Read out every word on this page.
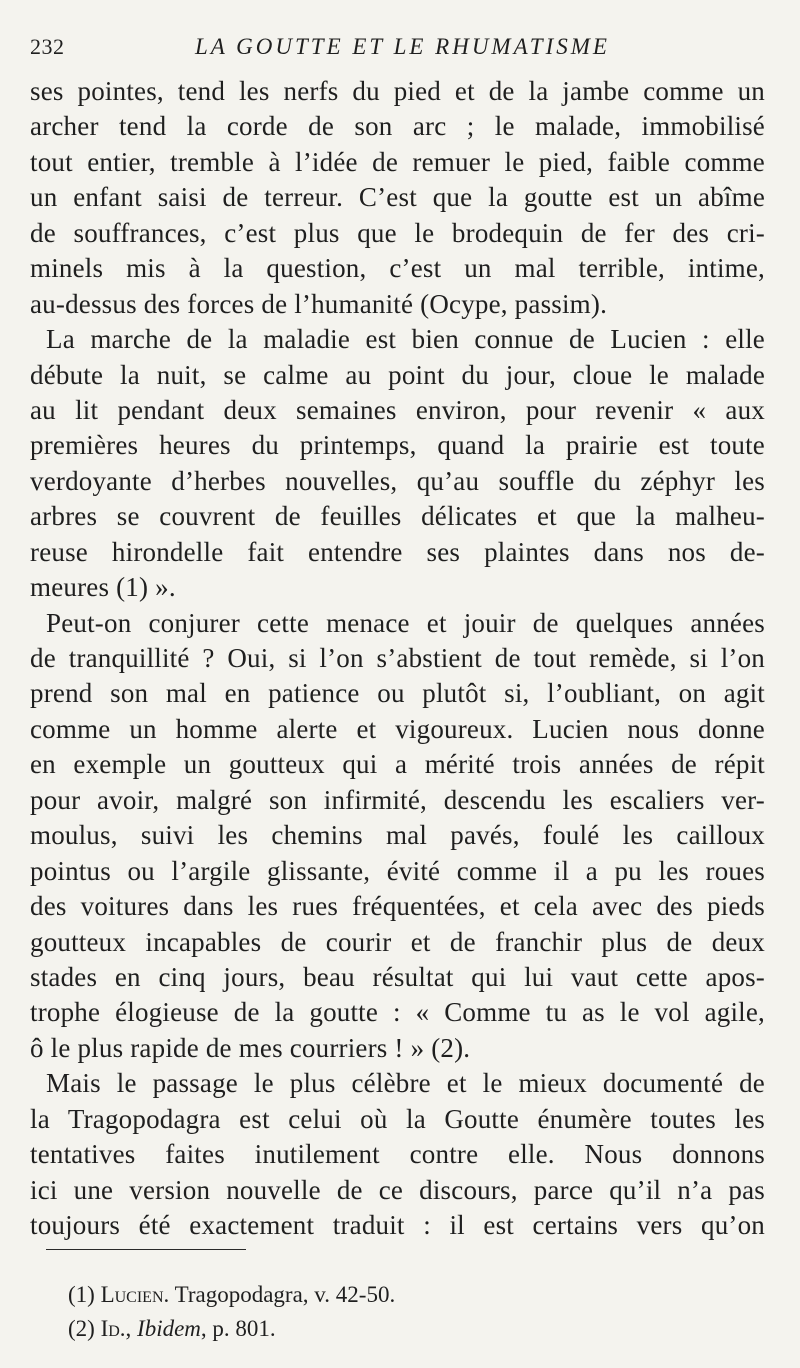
232	LA GOUTTE ET LE RHUMATISME
ses pointes, tend les nerfs du pied et de la jambe comme un
archer tend la corde de son arc ; le malade, immobilisé
tout entier, tremble à l’idée de remuer le pied, faible comme
un enfant saisi de terreur. C’est que la goutte est un abîme
de souffrances, c’est plus que le brodequin de fer des cri-
minels mis à la question, c’est un mal terrible, intime,
au-dessus des forces de l’humanité (Ocype, passim).
La marche de la maladie est bien connue de Lucien : elle
débute la nuit, se calme au point du jour, cloue le malade
au lit pendant deux semaines environ, pour revenir « aux
premières heures du printemps, quand la prairie est toute
verdoyante d’herbes nouvelles, qu’au souffle du zéphyr les
arbres se couvrent de feuilles délicates et que la malheu-
reuse hirondelle fait entendre ses plaintes dans nos de-
meures (1) ».
Peut-on conjurer cette menace et jouir de quelques années
de tranquillité ? Oui, si l’on s’abstient de tout remède, si l’on
prend son mal en patience ou plutôt si, l’oubliant, on agit
comme un homme alerte et vigoureux. Lucien nous donne
en exemple un goutteux qui a mérité trois années de répit
pour avoir, malgré son infirmité, descendu les escaliers ver-
moulus, suivi les chemins mal pavés, foulé les cailloux
pointus ou l’argile glissante, évité comme il a pu les roues
des voitures dans les rues fréquentées, et cela avec des pieds
goutteux incapables de courir et de franchir plus de deux
stades en cinq jours, beau résultat qui lui vaut cette apos-
trophe élogieuse de la goutte : « Comme tu as le vol agile,
ô le plus rapide de mes courriers ! » (2).
Mais le passage le plus célèbre et le mieux documenté de
la Tragopodagra est celui où la Goutte énumère toutes les
tentatives faites inutilement contre elle. Nous donnons
ici une version nouvelle de ce discours, parce qu’il n’a pas
toujours été exactement traduit : il est certains vers qu’on
(1) Lucien. Tragopodagra, v. 42-50.
(2) Id., Ibidem, p. 801.
